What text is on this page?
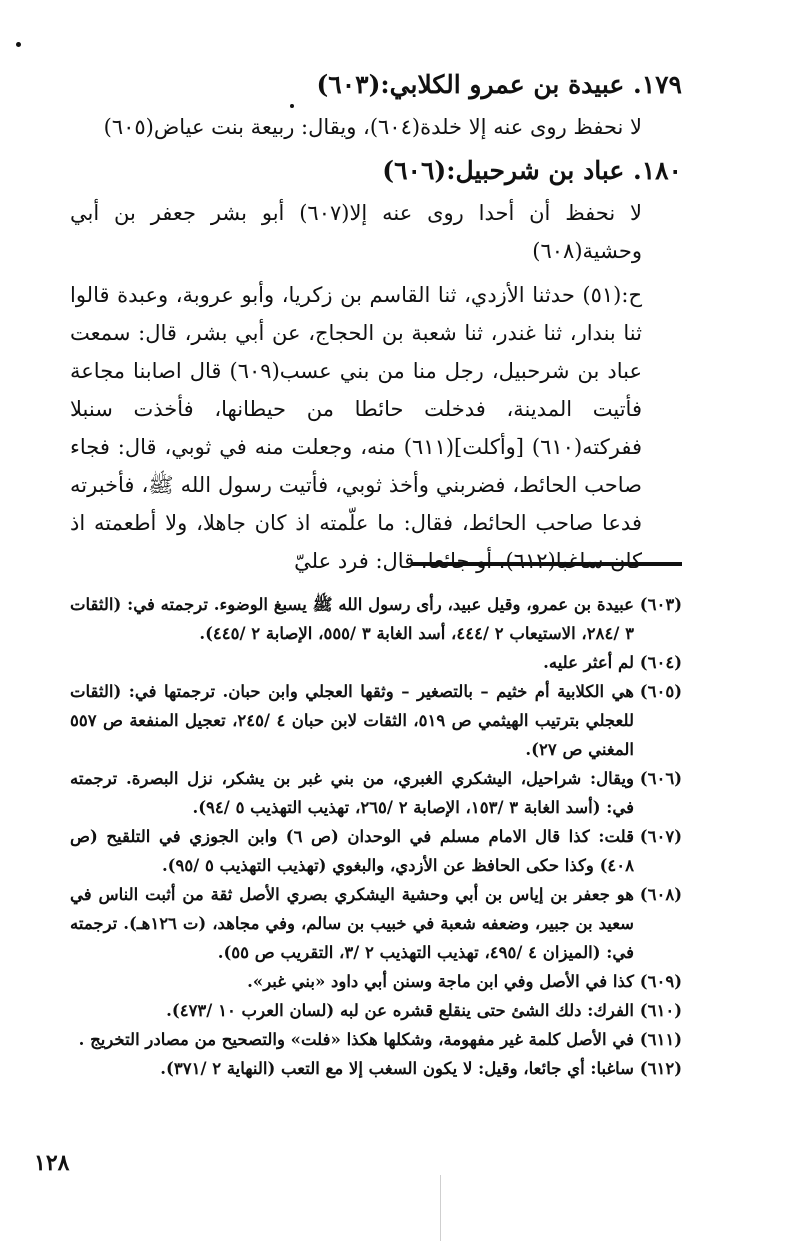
١٧٩. عبيدة بن عمرو الكلابي:(٦٠٣)

لا نحفظ روى عنه إلا خلدة(٦٠٤)، ويقال: ربيعة بنت عياض(٦٠٥)

١٨٠. عباد بن شرحبيل:(٦٠٦)

لا نحفظ أن أحدا روى عنه إلا(٦٠٧) أبو بشر جعفر بن أبي وحشية(٦٠٨)

ح:(٥١) حدثنا الأزدي، ثنا القاسم بن زكريا، وأبو عروبة، وعبدة قالوا ثنا بندار، ثنا غندر، ثنا شعبة بن الحجاج، عن أبي بشر، قال: سمعت عباد بن شرحبيل، رجل منا من بني عسب(٦٠٩) قال اصابنا مجاعة فأتيت المدينة، فدخلت حائطا من حيطانها، فأخذت سنبلا ففركته(٦١٠) [وأكلت](٦١١) منه، وجعلت منه في ثوبي، قال: فجاء صاحب الحائط، فضربني وأخذ ثوبي، فأتيت رسول الله ﷺ، فأخبرته فدعا صاحب الحائط، فقال: ما علّمته اذ كان جاهلا، ولا أطعمته اذ كان ساغبا(٦١٢)، أو جائعا، قال: فرد عليّ

(٦٠٣)
عبيدة بن عمرو، وقيل عبيد، رأى رسول الله ﷺ يسبغ الوضوء. ترجمته في: (الثقات ٣ /٢٨٤، الاستيعاب ٢ /٤٤٤، أسد الغابة ٣ /٥٥٥، الإصابة ٢ /٤٤٥).
(٦٠٤)
لم أعثر عليه.
(٦٠٥)
هي الكلابية أم خثيم – بالتصغير – وثقها العجلي وابن حبان. ترجمتها في: (الثقات للعجلي بترتيب الهيثمي ص ٥١٩، الثقات لابن حبان ٤ /٢٤٥، تعجيل المنفعة ص ٥٥٧ المغني ص ٢٧).
(٦٠٦)
ويقال: شراحيل، اليشكري الغبري، من بني غبر بن يشكر، نزل البصرة. ترجمته في: (أسد الغابة ٣ /١٥٣، الإصابة ٢ /٢٦٥، تهذيب التهذيب ٥ /٩٤).
(٦٠٧)
قلت: كذا قال الامام مسلم في الوحدان (ص ٦) وابن الجوزي في التلقيح (ص ٤٠٨) وكذا حكى الحافظ عن الأزدي، والبغوي (تهذيب التهذيب ٥ /٩٥).
(٦٠٨)
هو جعفر بن إياس بن أبي وحشية اليشكري بصري الأصل ثقة من أثبت الناس في سعيد بن جبير، وضعفه شعبة في خبيب بن سالم، وفي مجاهد، (ت ١٢٦هـ). ترجمته في: (الميزان ٤ /٤٩٥، تهذيب التهذيب ٢ /٣، التقريب ص ٥٥).
(٦٠٩)
كذا في الأصل وفي ابن ماجة وسنن أبي داود «بني غبر».
(٦١٠)
الفرك: دلك الشئ حتى ينقلع قشره عن لبه (لسان العرب ١٠ /٤٧٣).
(٦١١)
في الأصل كلمة غير مفهومة، وشكلها هكذا «فلت» والتصحيح من مصادر التخريج .
(٦١٢)
ساغبا: أي جائعا، وقيل: لا يكون السغب إلا مع التعب (النهاية ٢ /٣٧١).
١٢٨
